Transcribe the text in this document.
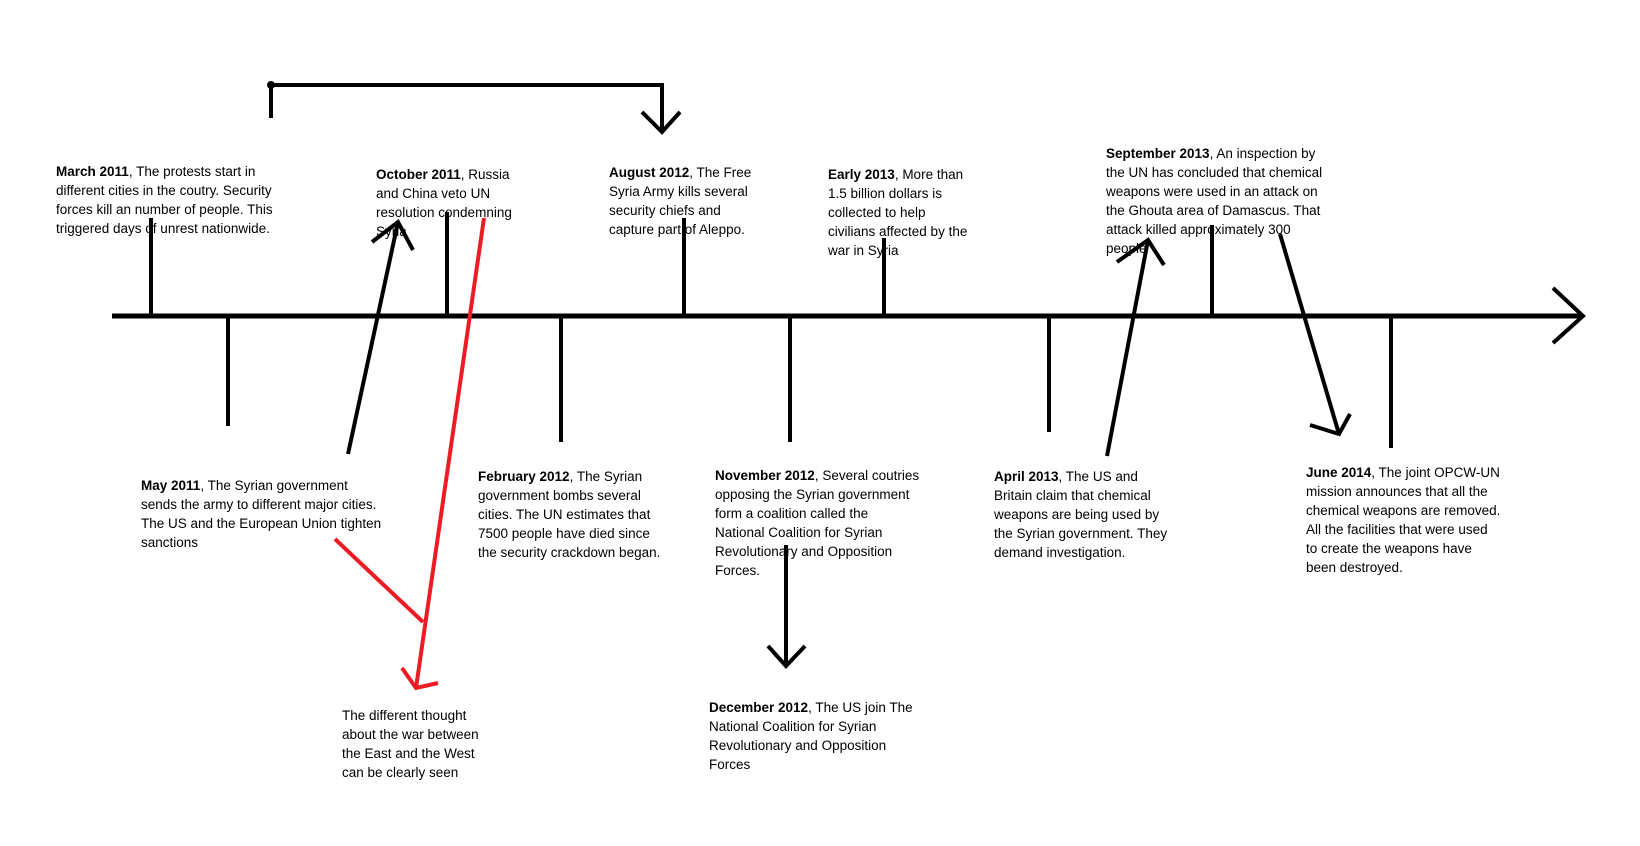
March 2011, The protests start in
different cities in the coutry. Security
forces kill an number of people. This
triggered days of unrest nationwide.

May 2011, The Syrian government
sends the army to different major cities.
The US and the European Union tighten
sanctions

October 2011, Russia
and China veto UN
resolution condemning
Syria

February 2012, The Syrian
government bombs several
cities. The UN estimates that
7500 people have died since
the security crackdown began.

August 2012, The Free
Syria Army kills several
security chiefs and
capture part of Aleppo.

November 2012, Several coutries
opposing the Syrian government
form a coalition called the
National Coalition for Syrian
Revolutionary and Opposition
Forces.

December 2012, The US join The
National Coalition for Syrian
Revolutionary and Opposition
Forces

Early 2013, More than
1.5 billion dollars is
collected to help
civilians affected by the
war in Syria

April 2013, The US and
Britain claim that chemical
weapons are being used by
the Syrian government. They
demand investigation.

September 2013, An inspection by
the UN has concluded that chemical
weapons were used in an attack on
the Ghouta area of Damascus. That
attack killed approximately 300
people

June 2014, The joint OPCW-UN
mission announces that all the
chemical weapons are removed.
All the facilities that were used
to create the weapons have
been destroyed.

The different thought
about the war between
the East and the West
can be clearly seen
